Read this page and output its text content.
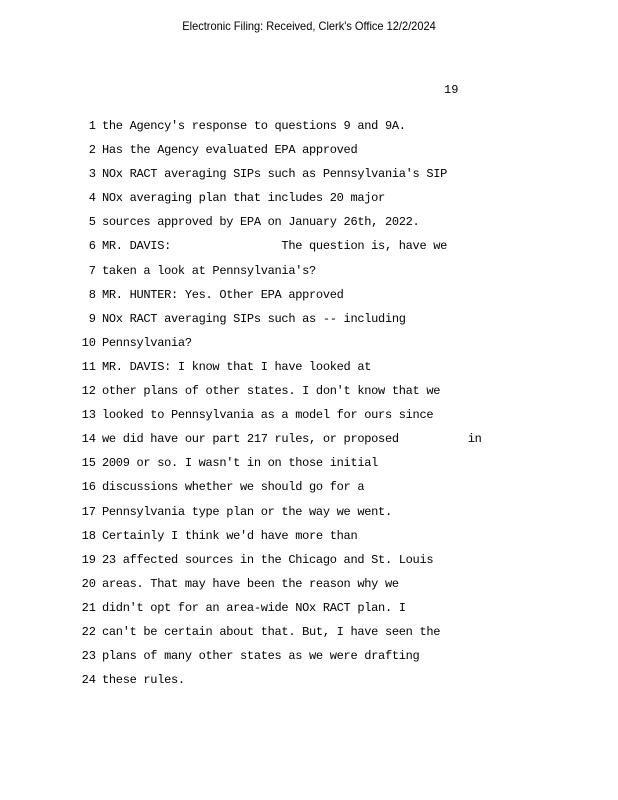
Electronic Filing: Received, Clerk's Office 12/2/2024
19
1 the Agency's response to questions 9 and 9A.
2 Has the Agency evaluated EPA approved
3 NOx RACT averaging SIPs such as Pennsylvania's SIP
4 NOx averaging plan that includes 20 major
5 sources approved by EPA on January 26th, 2022.
6 MR. DAVIS:                The question is, have we
7 taken a look at Pennsylvania's?
8 MR. HUNTER: Yes. Other EPA approved
9 NOx RACT averaging SIPs such as -- including
10 Pennsylvania?
11 MR. DAVIS: I know that I have looked at
12 other plans of other states. I don't know that we
13 looked to Pennsylvania as a model for ours since
14 we did have our part 217 rules, or proposed          in
15 2009 or so. I wasn't in on those initial
16 discussions whether we should go for a
17 Pennsylvania type plan or the way we went.
18 Certainly I think we'd have more than
19 23 affected sources in the Chicago and St. Louis
20 areas. That may have been the reason why we
21 didn't opt for an area-wide NOx RACT plan. I
22 can't be certain about that. But, I have seen the
23 plans of many other states as we were drafting
24 these rules.
